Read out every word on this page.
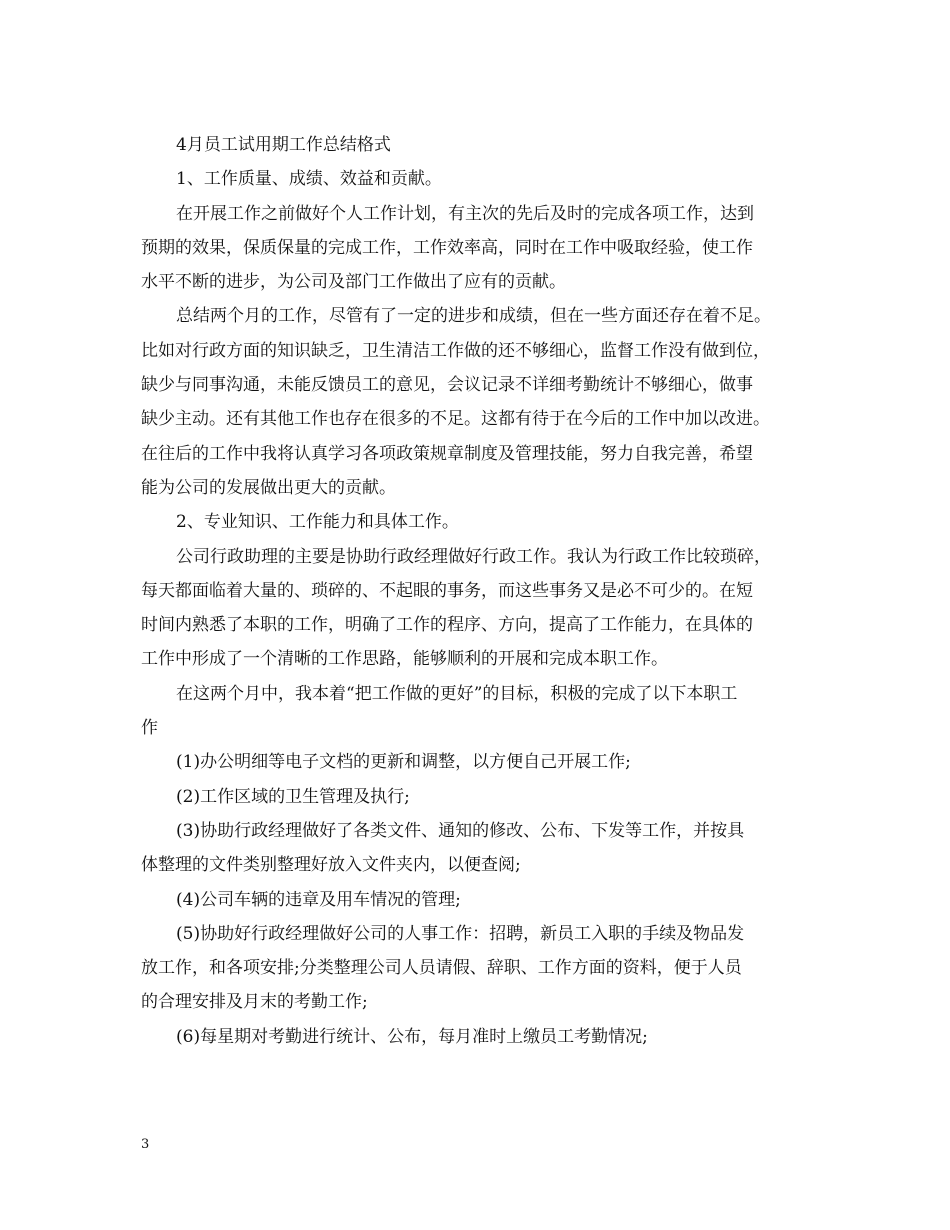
4月员工试用期工作总结格式
1、工作质量、成绩、效益和贡献。
在开展工作之前做好个人工作计划，有主次的先后及时的完成各项工作，达到
预期的效果，保质保量的完成工作，工作效率高，同时在工作中吸取经验，使工作
水平不断的进步，为公司及部门工作做出了应有的贡献。
总结两个月的工作，尽管有了一定的进步和成绩，但在一些方面还存在着不足。
比如对行政方面的知识缺乏，卫生清洁工作做的还不够细心，监督工作没有做到位，
缺少与同事沟通，未能反馈员工的意见，会议记录不详细考勤统计不够细心，做事
缺少主动。还有其他工作也存在很多的不足。这都有待于在今后的工作中加以改进。
在往后的工作中我将认真学习各项政策规章制度及管理技能，努力自我完善，希望
能为公司的发展做出更大的贡献。
2、专业知识、工作能力和具体工作。
公司行政助理的主要是协助行政经理做好行政工作。我认为行政工作比较琐碎，
每天都面临着大量的、琐碎的、不起眼的事务，而这些事务又是必不可少的。在短
时间内熟悉了本职的工作，明确了工作的程序、方向，提高了工作能力，在具体的
工作中形成了一个清晰的工作思路，能够顺利的开展和完成本职工作。
在这两个月中，我本着“把工作做的更好”的目标，积极的完成了以下本职工
作
(1)办公明细等电子文档的更新和调整，以方便自己开展工作;
(2)工作区域的卫生管理及执行;
(3)协助行政经理做好了各类文件、通知的修改、公布、下发等工作，并按具
体整理的文件类别整理好放入文件夹内，以便查阅;
(4)公司车辆的违章及用车情况的管理;
(5)协助好行政经理做好公司的人事工作：招聘，新员工入职的手续及物品发
放工作，和各项安排;分类整理公司人员请假、辞职、工作方面的资料，便于人员
的合理安排及月末的考勤工作;
(6)每星期对考勤进行统计、公布，每月准时上缴员工考勤情况;
3
